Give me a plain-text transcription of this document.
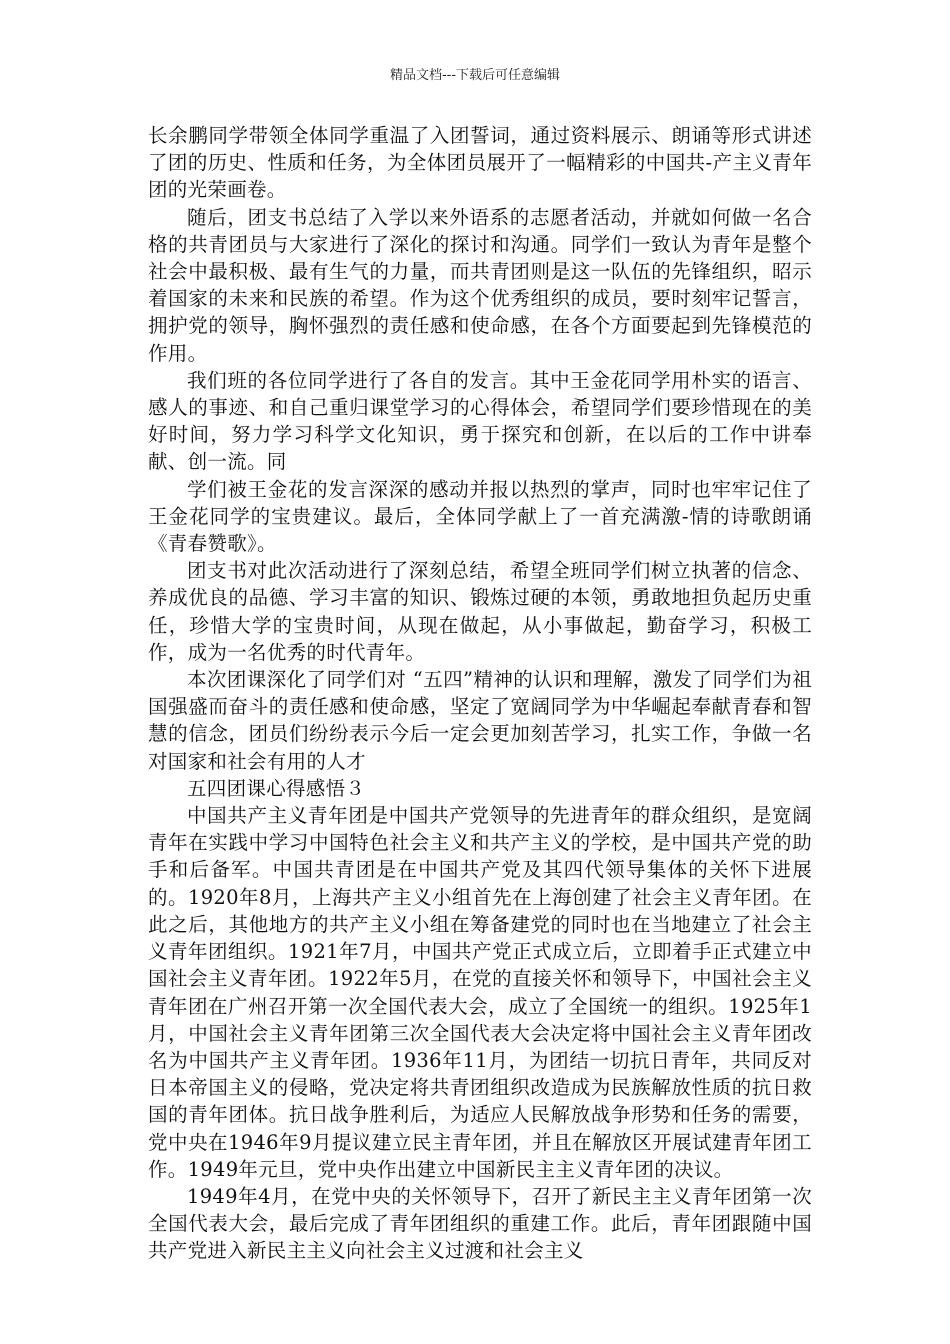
精品文档---下载后可任意编辑

长余鹏同学带领全体同学重温了入团誓词，通过资料展示、朗诵等形式讲述了团的历史、性质和任务，为全体团员展开了一幅精彩的中国共-产主义青年团的光荣画卷。

随后，团支书总结了入学以来外语系的志愿者活动，并就如何做一名合格的共青团员与大家进行了深化的探讨和沟通。同学们一致认为青年是整个社会中最积极、最有生气的力量，而共青团则是这一队伍的先锋组织，昭示着国家的未来和民族的希望。作为这个优秀组织的成员，要时刻牢记誓言，拥护党的领导，胸怀强烈的责任感和使命感，在各个方面要起到先锋模范的作用。

我们班的各位同学进行了各自的发言。其中王金花同学用朴实的语言、感人的事迹、和自己重归课堂学习的心得体会，希望同学们要珍惜现在的美好时间，努力学习科学文化知识，勇于探究和创新，在以后的工作中讲奉献、创一流。同

学们被王金花的发言深深的感动并报以热烈的掌声，同时也牢牢记住了王金花同学的宝贵建议。最后，全体同学献上了一首充满激-情的诗歌朗诵《青春赞歌》。

团支书对此次活动进行了深刻总结，希望全班同学们树立执著的信念、养成优良的品德、学习丰富的知识、锻炼过硬的本领，勇敢地担负起历史重任，珍惜大学的宝贵时间，从现在做起，从小事做起，勤奋学习，积极工作，成为一名优秀的时代青年。

本次团课深化了同学们对 “五四”精神的认识和理解，激发了同学们为祖国强盛而奋斗的责任感和使命感，坚定了宽阔同学为中华崛起奉献青春和智慧的信念，团员们纷纷表示今后一定会更加刻苦学习，扎实工作，争做一名对国家和社会有用的人才

五四团课心得感悟３

中国共产主义青年团是中国共产党领导的先进青年的群众组织，是宽阔青年在实践中学习中国特色社会主义和共产主义的学校，是中国共产党的助手和后备军。中国共青团是在中国共产党及其四代领导集体的关怀下进展的。1920年8月，上海共产主义小组首先在上海创建了社会主义青年团。在此之后，其他地方的共产主义小组在筹备建党的同时也在当地建立了社会主义青年团组织。1921年7月，中国共产党正式成立后，立即着手正式建立中国社会主义青年团。1922年5月，在党的直接关怀和领导下，中国社会主义青年团在广州召开第一次全国代表大会，成立了全国统一的组织。1925年1月，中国社会主义青年团第三次全国代表大会决定将中国社会主义青年团改名为中国共产主义青年团。1936年11月，为团结一切抗日青年，共同反对日本帝国主义的侵略，党决定将共青团组织改造成为民族解放性质的抗日救国的青年团体。抗日战争胜利后，为适应人民解放战争形势和任务的需要，党中央在1946年9月提议建立民主青年团，并且在解放区开展试建青年团工作。1949年元旦，党中央作出建立中国新民主主义青年团的决议。

1949年4月，在党中央的关怀领导下，召开了新民主主义青年团第一次全国代表大会，最后完成了青年团组织的重建工作。此后，青年团跟随中国共产党进入新民主主义向社会主义过渡和社会主义
